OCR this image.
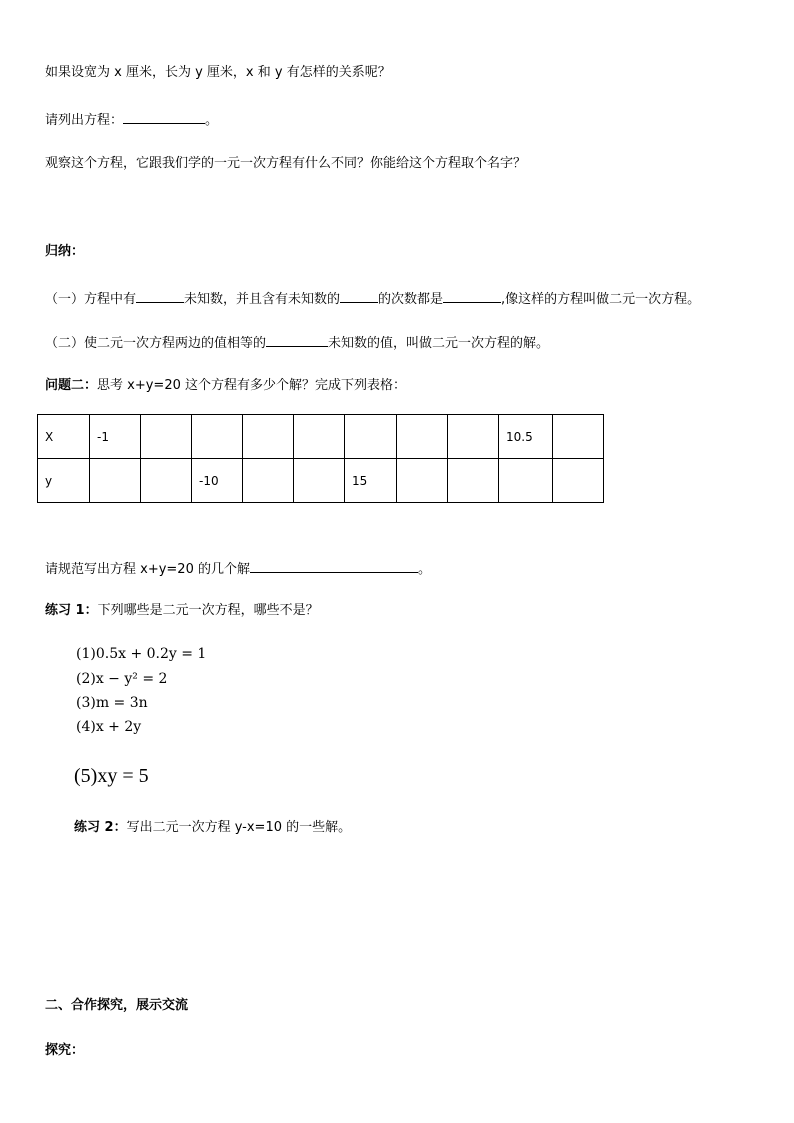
如果设宽为 x 厘米，长为 y 厘米，x 和 y 有怎样的关系呢？
请列出方程：	。
观察这个方程，它跟我们学的一元一次方程有什么不同？你能给这个方程取个名字？
归纳：
（一）方程中有	未知数，并且含有未知数的	的次数都是	,像这样的方程叫做二元一次方程。
（二）使二元一次方程两边的值相等的	未知数的值，叫做二元一次方程的解。
问题二：思考 x+y=20 这个方程有多少个解？完成下列表格：
X	-1								10.5	
y			-10			15				
请规范写出方程 x+y=20 的几个解	。
练习 1：下列哪些是二元一次方程，哪些不是？
(1)0.5x + 0.2y = 1
(2)x − y² = 2
(3)m = 3n
(4)x + 2y
(5)xy = 5
练习 2：写出二元一次方程 y-x=10 的一些解。
二、合作探究，展示交流
探究：
